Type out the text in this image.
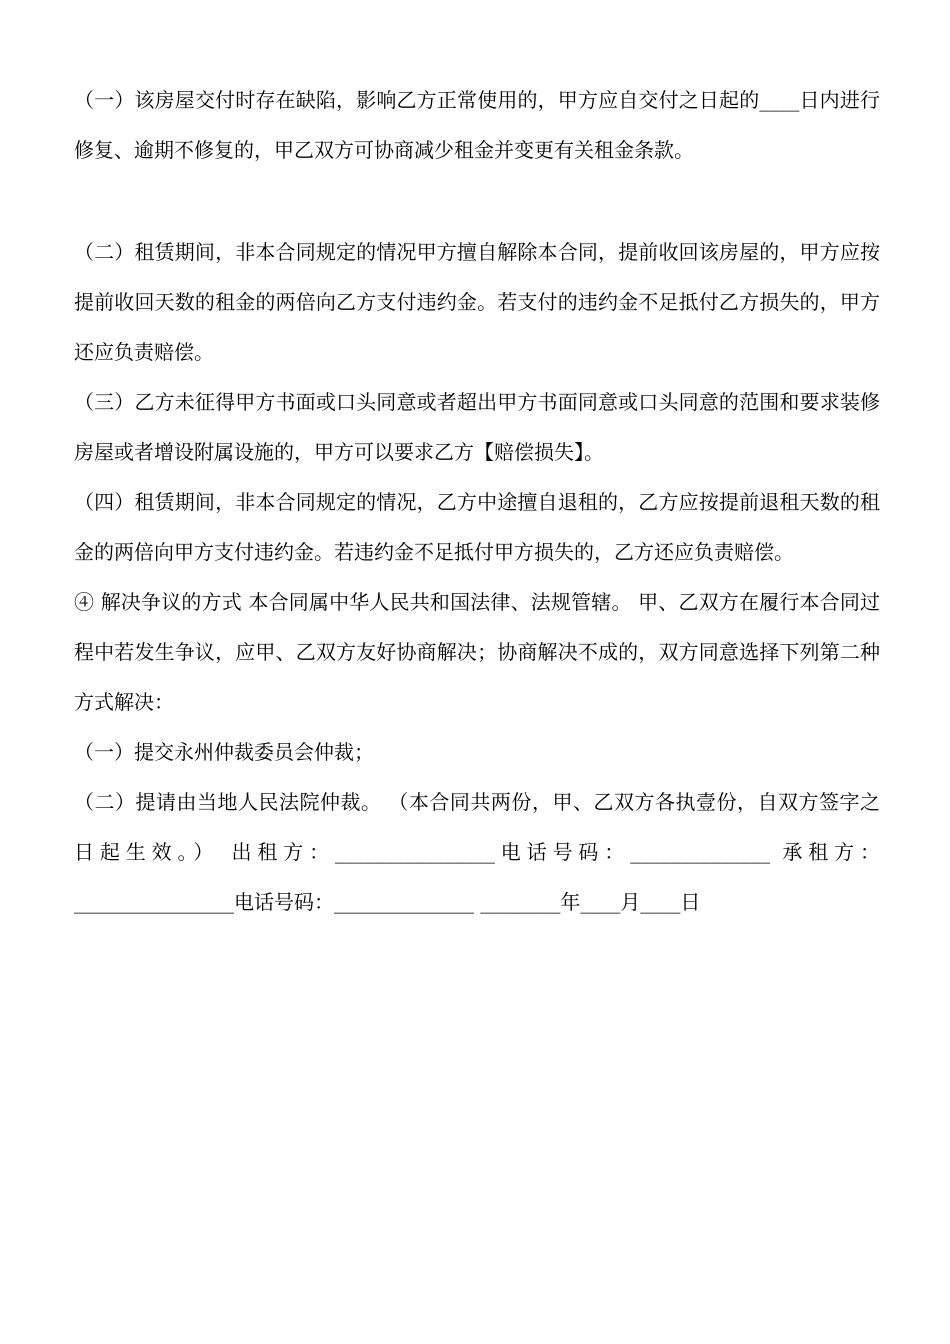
（一）该房屋交付时存在缺陷，影响乙方正常使用的，甲方应自交付之日起的____日内进行修复、逾期不修复的，甲乙双方可协商减少租金并变更有关租金条款。

（二）租赁期间，非本合同规定的情况甲方擅自解除本合同，提前收回该房屋的，甲方应按提前收回天数的租金的两倍向乙方支付违约金。若支付的违约金不足抵付乙方损失的，甲方还应负责赔偿。

（三）乙方未征得甲方书面或口头同意或者超出甲方书面同意或口头同意的范围和要求装修房屋或者增设附属设施的，甲方可以要求乙方【赔偿损失】。

（四）租赁期间，非本合同规定的情况，乙方中途擅自退租的，乙方应按提前退租天数的租金的两倍向甲方支付违约金。若违约金不足抵付甲方损失的，乙方还应负责赔偿。

④ 解决争议的方式 本合同属中华人民共和国法律、法规管辖。 甲、乙双方在履行本合同过程中若发生争议，应甲、乙双方友好协商解决；协商解决不成的，双方同意选择下列第二种方式解决：

（一）提交永州仲裁委员会仲裁；

（二）提请由当地人民法院仲裁。 （本合同共两份，甲、乙双方各执壹份，自双方签字之日起生效。） 出租方：________________电话号码：______________ 承租方：________________电话号码：______________ ________年____月____日
